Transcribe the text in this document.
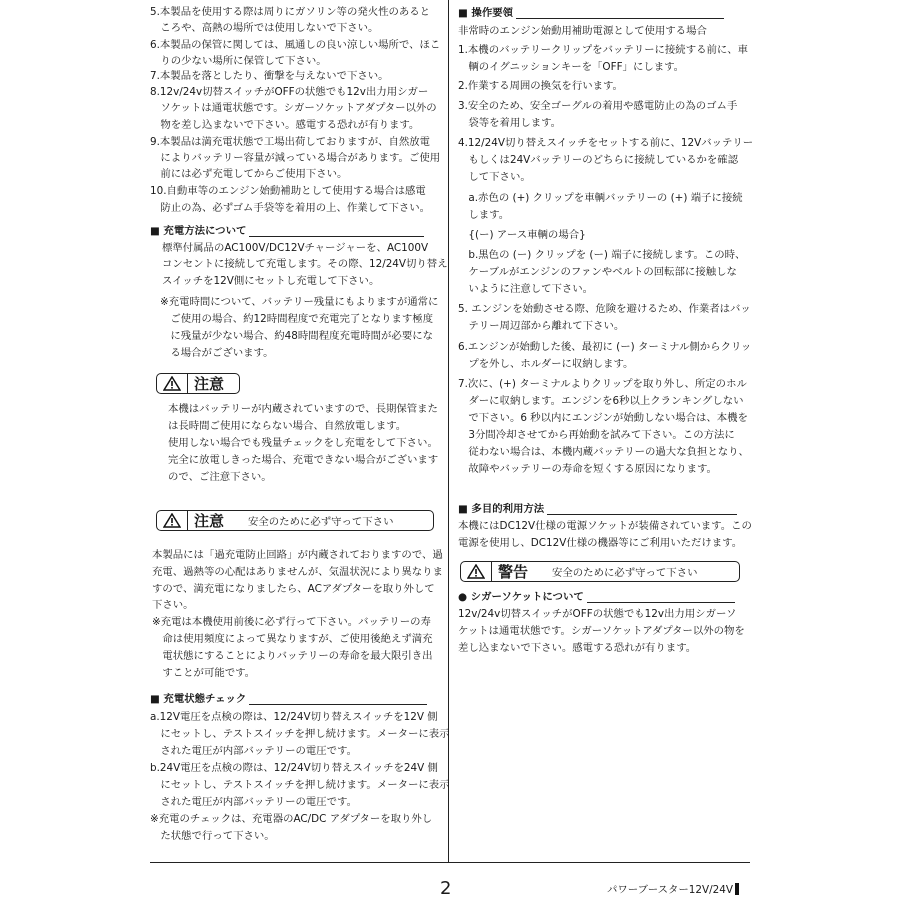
5.本製品を使用する際は周りにガソリン等の発火性のあると

　ころや、高熱の場所では使用しないで下さい。

6.本製品の保管に関しては、風通しの良い涼しい場所で、ほこ

　りの少ない場所に保管して下さい。

7.本製品を落としたり、衝撃を与えないで下さい。

8.12v/24v切替スイッチがOFFの状態でも12v出力用シガー

　ソケットは通電状態です。シガーソケットアダプター以外の

　物を差し込まないで下さい。感電する恐れが有ります。

9.本製品は満充電状態で工場出荷しておりますが、自然放電

　によりバッテリー容量が減っている場合があります。ご使用

　前には必ず充電してからご使用下さい。

10.自動車等のエンジン始動補助として使用する場合は感電

　防止の為、必ずゴム手袋等を着用の上、作業して下さい。

■ 充電方法について

標準付属品のAC100V/DC12Vチャージャーを、AC100V

コンセントに接続して充電します。その際、12/24V切り替え

スイッチを12V側にセットし充電して下さい。

※充電時間について、バッテリー残量にもよりますが通常に

　ご使用の場合、約12時間程度で充電完了となります極度

　に残量が少ない場合、約48時間程度充電時間が必要にな

　る場合がございます。

注意

本機はバッテリーが内蔵されていますので、長期保管また

は長時間ご使用にならない場合、自然放電します。

使用しない場合でも残量チェックをし充電をして下さい。

完全に放電しきった場合、充電できない場合がございます

ので、ご注意下さい。

注意	安全のために必ず守って下さい

本製品には「過充電防止回路」が内蔵されておりますので、過

充電、過熱等の心配はありませんが、気温状況により異なりま

すので、満充電になりましたら、ACアダプターを取り外して

下さい。

※充電は本機使用前後に必ず行って下さい。バッテリーの寿

　命は使用頻度によって異なりますが、ご使用後絶えず満充

　電状態にすることによりバッテリーの寿命を最大限引き出

　すことが可能です。

■ 充電状態チェック

a.12V電圧を点検の際は、12/24V切り替えスイッチを12V 側

　にセットし、テストスイッチを押し続けます。メーターに表示

　された電圧が内部バッテリーの電圧です。

b.24V電圧を点検の際は、12/24V切り替えスイッチを24V 側

　にセットし、テストスイッチを押し続けます。メーターに表示

　された電圧が内部バッテリーの電圧です。

※充電のチェックは、充電器のAC/DC アダプターを取り外し

　た状態で行って下さい。

■ 操作要領

非常時のエンジン始動用補助電源として使用する場合

1.本機のバッテリークリップをバッテリーに接続する前に、車

　輌のイグニッションキーを「OFF」にします。

2.作業する周囲の換気を行います。

3.安全のため、安全ゴーグルの着用や感電防止の為のゴム手

　袋等を着用します。

4.12/24V切り替えスイッチをセットする前に、12Vバッテリー

　もしくは24Vバッテリーのどちらに接続しているかを確認

　して下さい。

　a.赤色の (+) クリップを車輌バッテリーの (+) 端子に接続

　します。

　{(ー) アース車輌の場合}

　b.黒色の (ー) クリップを (ー) 端子に接続します。この時、

　ケーブルがエンジンのファンやベルトの回転部に接触しな

　いように注意して下さい。

5. エンジンを始動させる際、危険を避けるため、作業者はバッ

　テリー周辺部から離れて下さい。

6.エンジンが始動した後、最初に (ー) ターミナル側からクリッ

　プを外し、ホルダーに収納します。

7.次に、(+) ターミナルよりクリップを取り外し、所定のホル

　ダーに収納します。エンジンを6秒以上クランキングしない

　で下さい。6 秒以内にエンジンが始動しない場合は、本機を

　3分間冷却させてから再始動を試みて下さい。この方法に

　従わない場合は、本機内蔵バッテリーの過大な負担となり、

　故障やバッテリーの寿命を短くする原因になります。

■ 多目的利用方法

本機にはDC12V仕様の電源ソケットが装備されています。この

電源を使用し、DC12V仕様の機器等にご利用いただけます。

警告	安全のために必ず守って下さい
● シガーソケットについて

12v/24v切替スイッチがOFFの状態でも12v出力用シガーソ

ケットは通電状態です。シガーソケットアダプター以外の物を

差し込まないで下さい。感電する恐れが有ります。

2	パワーブースター12V/24V
